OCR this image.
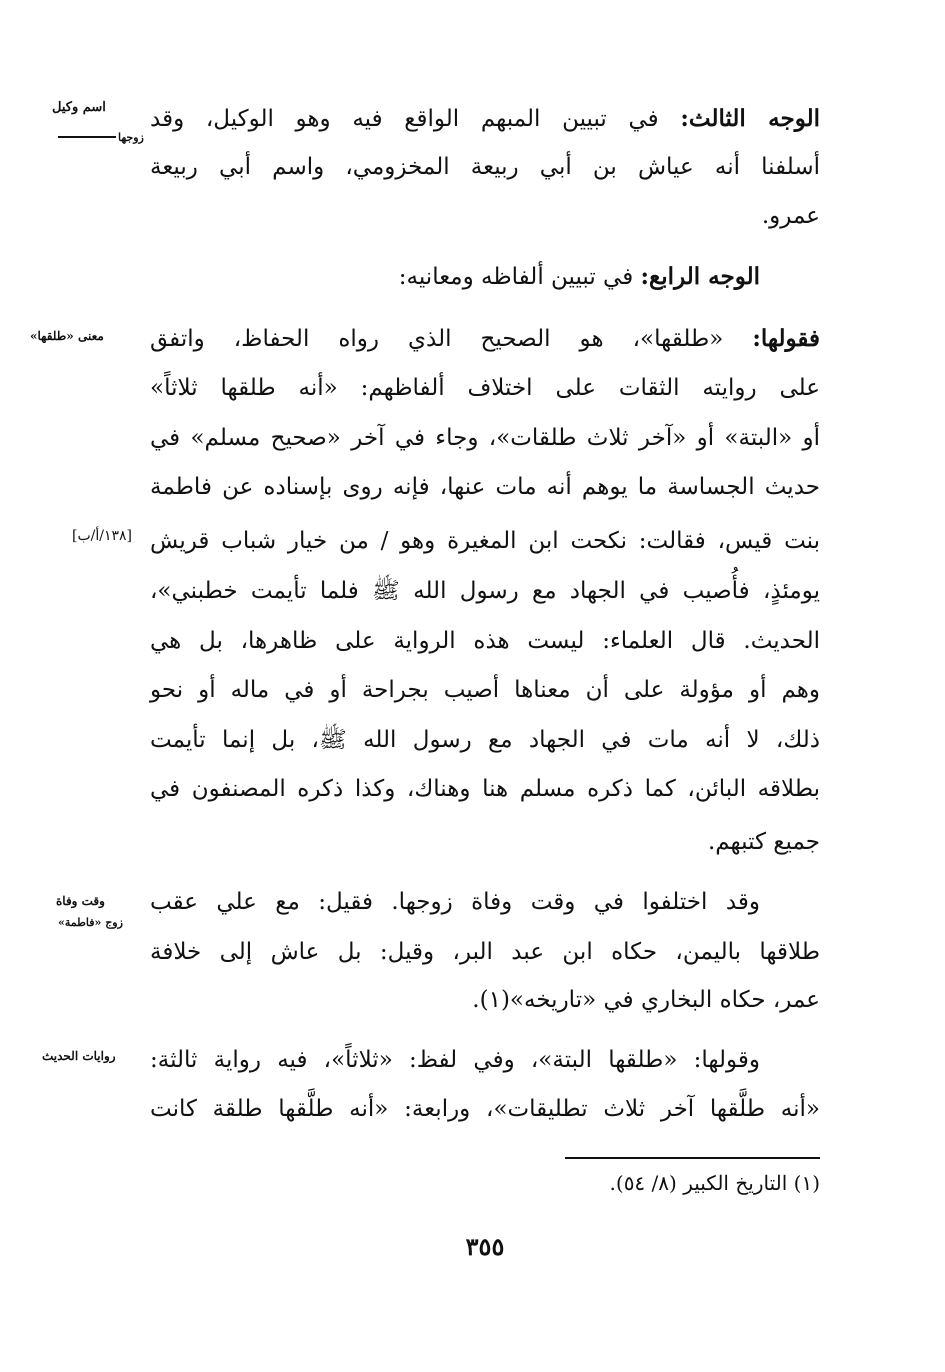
اسم وكيل
زوجها
معنى «طلقها»
[١٣٨/أ/ب]
وقت وفاة
زوج «فاطمة»
روايات الحديث
الوجه الثالث: في تبيين المبهم الواقع فيه وهو الوكيل، وقد
أسلفنا أنه عياش بن أبي ربيعة المخزومي، واسم أبي ربيعة
عمرو.
الوجه الرابع: في تبيين ألفاظه ومعانيه:
فقولها: «طلقها»، هو الصحيح الذي رواه الحفاظ، واتفق
على روايته الثقات على اختلاف ألفاظهم: «أنه طلقها ثلاثاً»
أو «البتة» أو «آخر ثلاث طلقات»، وجاء في آخر «صحيح مسلم» في
حديث الجساسة ما يوهم أنه مات عنها، فإنه روى بإسناده عن فاطمة
بنت قيس، فقالت: نكحت ابن المغيرة وهو / من خيار شباب قريش
يومئذٍ، فأُصيب في الجهاد مع رسول الله ﷺ فلما تأيمت خطبني»،
الحديث. قال العلماء: ليست هذه الرواية على ظاهرها، بل هي
وهم أو مؤولة على أن معناها أصيب بجراحة أو في ماله أو نحو
ذلك، لا أنه مات في الجهاد مع رسول الله ﷺ، بل إنما تأيمت
بطلاقه البائن، كما ذكره مسلم هنا وهناك، وكذا ذكره المصنفون في
جميع كتبهم.
وقد اختلفوا في وقت وفاة زوجها. فقيل: مع علي عقب
طلاقها باليمن، حكاه ابن عبد البر، وقيل: بل عاش إلى خلافة
عمر، حكاه البخاري في «تاريخه»(١).
وقولها: «طلقها البتة»، وفي لفظ: «ثلاثاً»، فيه رواية ثالثة:
«أنه طلَّقها آخر ثلاث تطليقات»، ورابعة: «أنه طلَّقها طلقة كانت
(١) التاريخ الكبير (٨/ ٥٤).
٣٥٥
